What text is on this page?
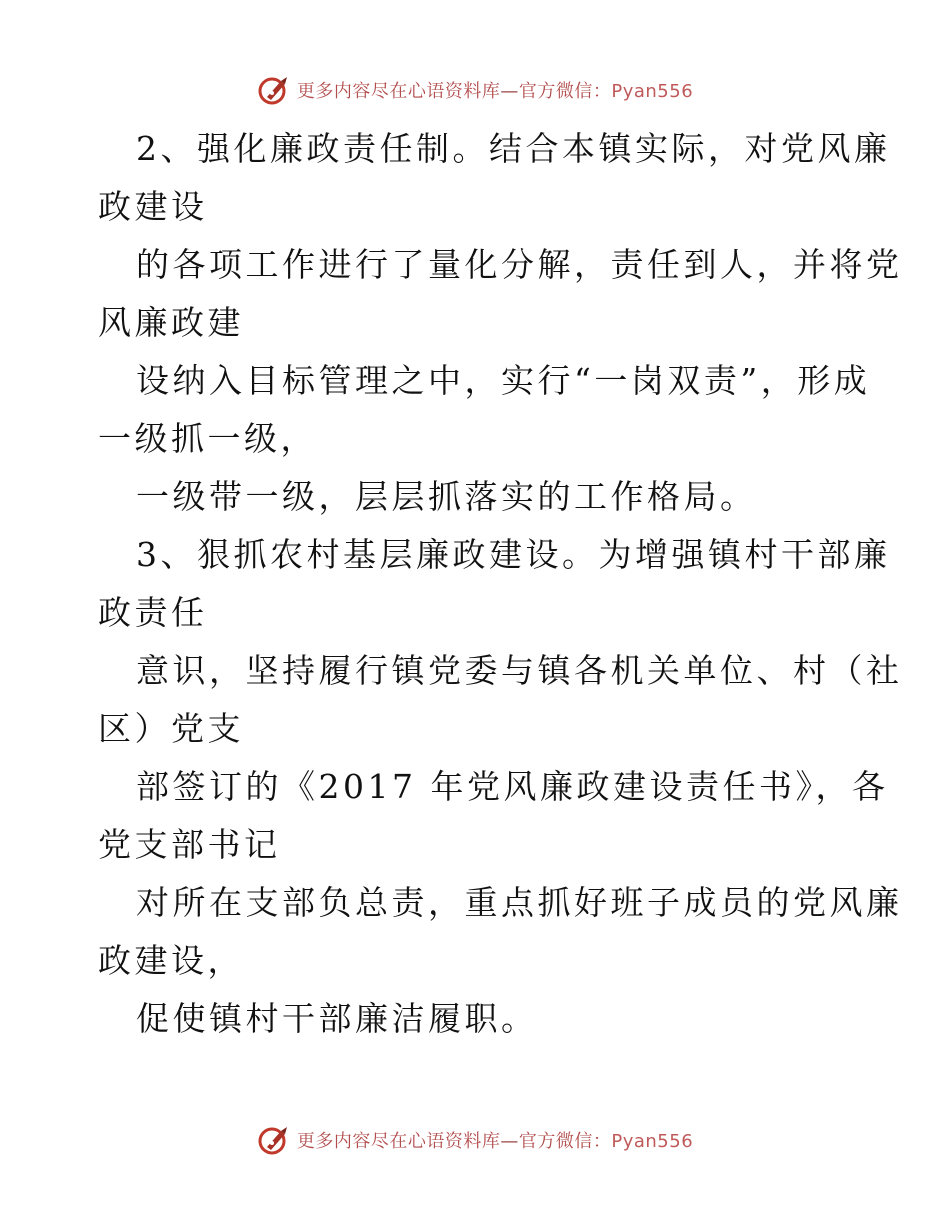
更多内容尽在心语资料库—官方微信：Pyan556
2、强化廉政责任制。结合本镇实际，对党风廉
政建设
的各项工作进行了量化分解，责任到人，并将党
风廉政建
设纳入目标管理之中，实行“一岗双责”，形成
一级抓一级，
一级带一级，层层抓落实的工作格局。
3、狠抓农村基层廉政建设。为增强镇村干部廉
政责任
意识，坚持履行镇党委与镇各机关单位、村（社
区）党支
部签订的《2017 年党风廉政建设责任书》，各
党支部书记
对所在支部负总责，重点抓好班子成员的党风廉
政建设，
促使镇村干部廉洁履职。
更多内容尽在心语资料库—官方微信：Pyan556
